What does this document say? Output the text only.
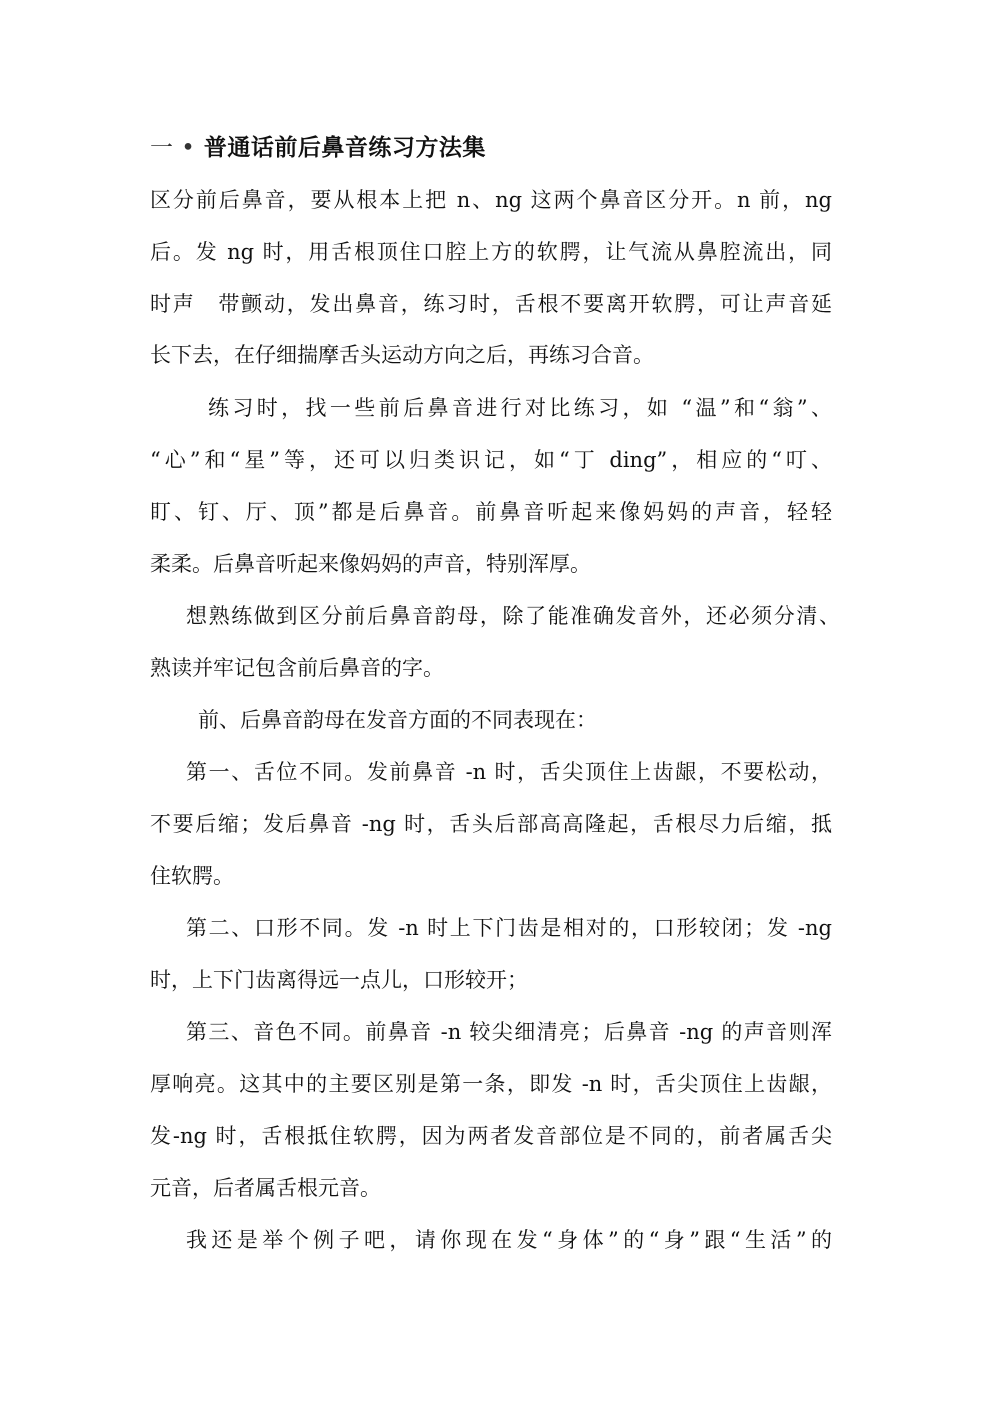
一 • 普通话前后鼻音练习方法集
区分前后鼻音，要从根本上把 n、ng 这两个鼻音区分开。n 前，ng
后。发 ng 时，用舌根顶住口腔上方的软腭，让气流从鼻腔流出，同
时声　带颤动，发出鼻音，练习时，舌根不要离开软腭，可让声音延
长下去，在仔细揣摩舌头运动方向之后，再练习合音。
练习时，找一些前后鼻音进行对比练习，如 “温”和“翁”、
“心”和“星”等，还可以归类识记，如“丁 ding”，相应的“叮、
盯、钉、厅、顶”都是后鼻音。前鼻音听起来像妈妈的声音，轻轻
柔柔。后鼻音听起来像妈妈的声音，特别浑厚。
想熟练做到区分前后鼻音韵母，除了能准确发音外，还必须分清、
熟读并牢记包含前后鼻音的字。
前、后鼻音韵母在发音方面的不同表现在：
第一、舌位不同。发前鼻音 -n 时，舌尖顶住上齿龈，不要松动，
不要后缩；发后鼻音 -ng 时，舌头后部高高隆起，舌根尽力后缩，抵
住软腭。
第二、口形不同。发 -n 时上下门齿是相对的，口形较闭；发 -ng
时，上下门齿离得远一点儿，口形较开；
第三、音色不同。前鼻音 -n 较尖细清亮；后鼻音 -ng 的声音则浑
厚响亮。这其中的主要区别是第一条，即发 -n 时，舌尖顶住上齿龈，
发-ng 时，舌根抵住软腭，因为两者发音部位是不同的，前者属舌尖
元音，后者属舌根元音。
我还是举个例子吧，请你现在发“身体”的“身”跟“生活”的
